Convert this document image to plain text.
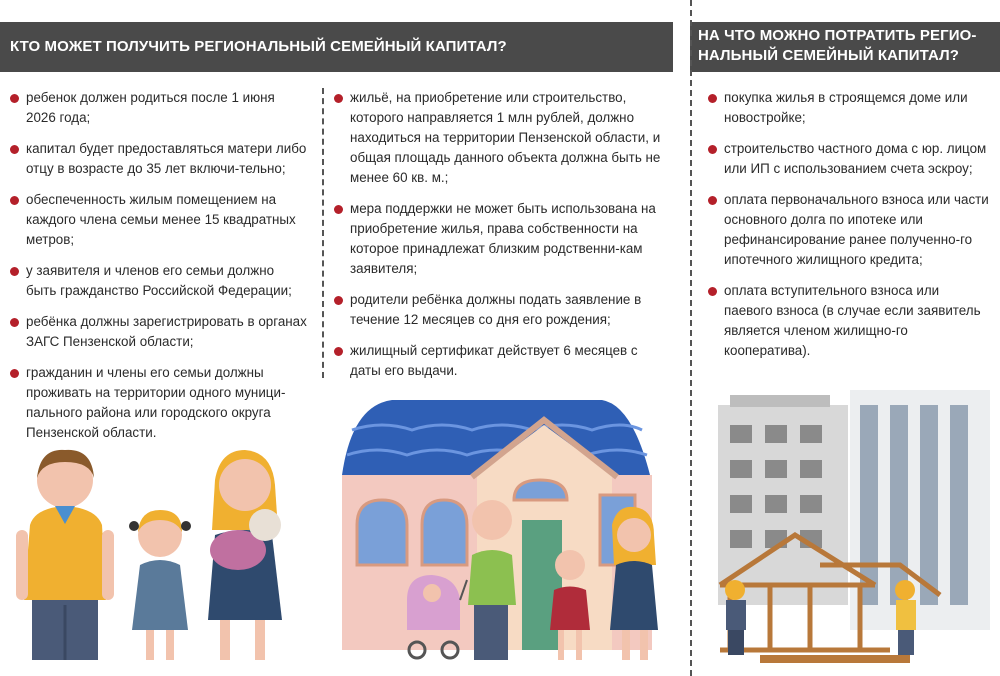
КТО МОЖЕТ ПОЛУЧИТЬ РЕГИОНАЛЬНЫЙ СЕМЕЙНЫЙ КАПИТАЛ?
НА ЧТО МОЖНО ПОТРАТИТЬ РЕГИО-
НАЛЬНЫЙ СЕМЕЙНЫЙ КАПИТАЛ?
ребенок должен родиться после 1 июня 2026 года;
капитал будет предоставляться матери либо отцу в возрасте до 35 лет включи-тельно;
обеспеченность жилым помещением на каждого члена семьи менее 15 квадратных метров;
у заявителя и членов его семьи должно быть гражданство Российской Федерации;
ребёнка должны зарегистрировать в органах ЗАГС Пензенской области;
гражданин и члены его семьи должны проживать на территории одного муници-пального района или городского округа Пензенской области.
жильё, на приобретение или строительство, которого направляется 1 млн рублей, должно находиться на территории Пензенской области, и общая площадь данного объекта должна быть не менее 60 кв. м.;
мера поддержки не может быть использована на приобретение жилья, права собственности на которое принадлежат близким родственни-кам заявителя;
родители ребёнка должны подать заявление в течение 12 месяцев со дня его рождения;
жилищный сертификат действует 6 месяцев с даты его выдачи.
покупка жилья в строящемся доме или новостройке;
строительство частного дома с юр. лицом или ИП с использованием счета эскроу;
оплата первоначального взноса или части основного долга по ипотеке или рефинансирование ранее полученно-го ипотечного жилищного кредита;
оплата вступительного взноса или паевого взноса (в случае если заявитель является членом жилищно-го кооператива).
